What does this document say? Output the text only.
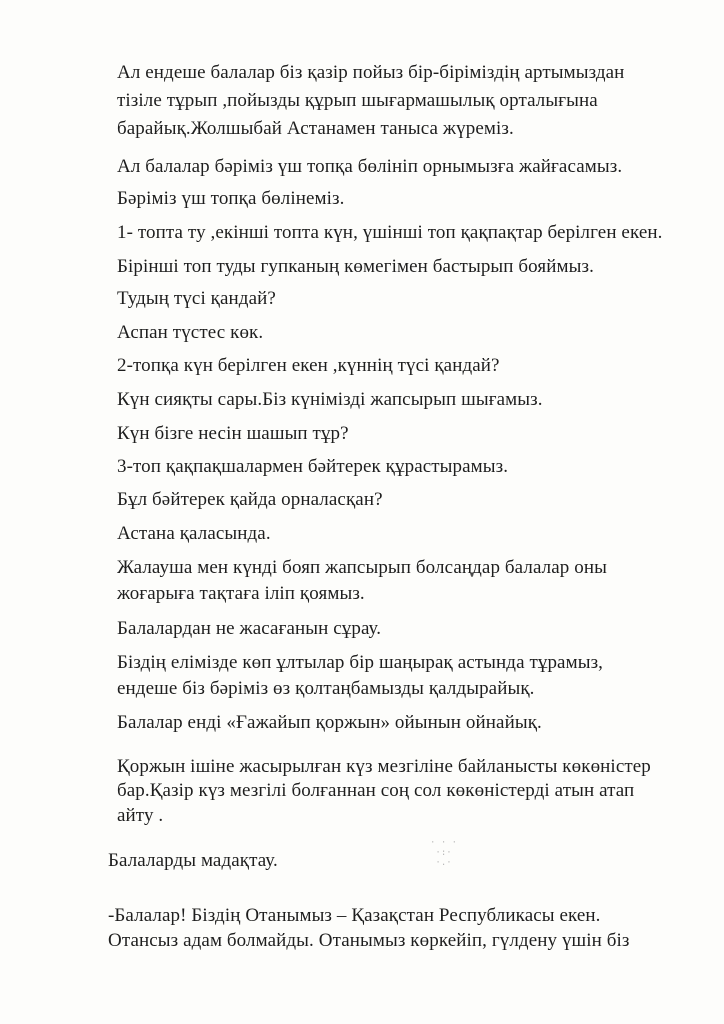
Ал ендеше балалар біз қазір пойыз бір-біріміздің артымыздан
тізіле тұрып ,пойызды құрып шығармашылық орталығына
барайық.Жолшыбай Астанамен таныса жүреміз.
Ал балалар бәріміз үш топқа бөлініп орнымызға жайғасамыз.
Бәріміз үш топқа бөлінеміз.
1- топта ту ,екінші топта күн, үшінші топ қақпақтар берілген екен.
Бірінші топ туды гупканың көмегімен бастырып бояймыз.
Тудың түсі қандай?
Аспан түстес көк.
2-топқа күн берілген екен ,күннің түсі қандай?
Күн сияқты сары.Біз күнімізді жапсырып шығамыз.
Күн бізге несін шашып тұр?
3-топ қақпақшалармен бәйтерек құрастырамыз.
Бұл бәйтерек қайда орналасқан?
Астана қаласында.
Жалауша мен күнді бояп жапсырып болсаңдар балалар оны
жоғарыға тақтаға іліп қоямыз.
Балалардан не жасағанын сұрау.
Біздің елімізде көп ұлтылар бір шаңырақ астында тұрамыз,
ендеше біз бәріміз өз қолтаңбамызды қалдырайық.
Балалар енді «Ғажайып қоржын» ойынын ойнайық.
Қоржын ішіне жасырылған күз мезгіліне байланысты көкөністер
бар.Қазір күз мезгілі болғаннан соң сол көкөністерді атын атап
айту .
Балаларды мадақтау.
-Балалар! Біздің Отанымыз – Қазақстан Республикасы екен.
Отансыз адам болмайды. Отанымыз көркейіп, гүлдену үшін біз
· · ·
·:·
·.·
